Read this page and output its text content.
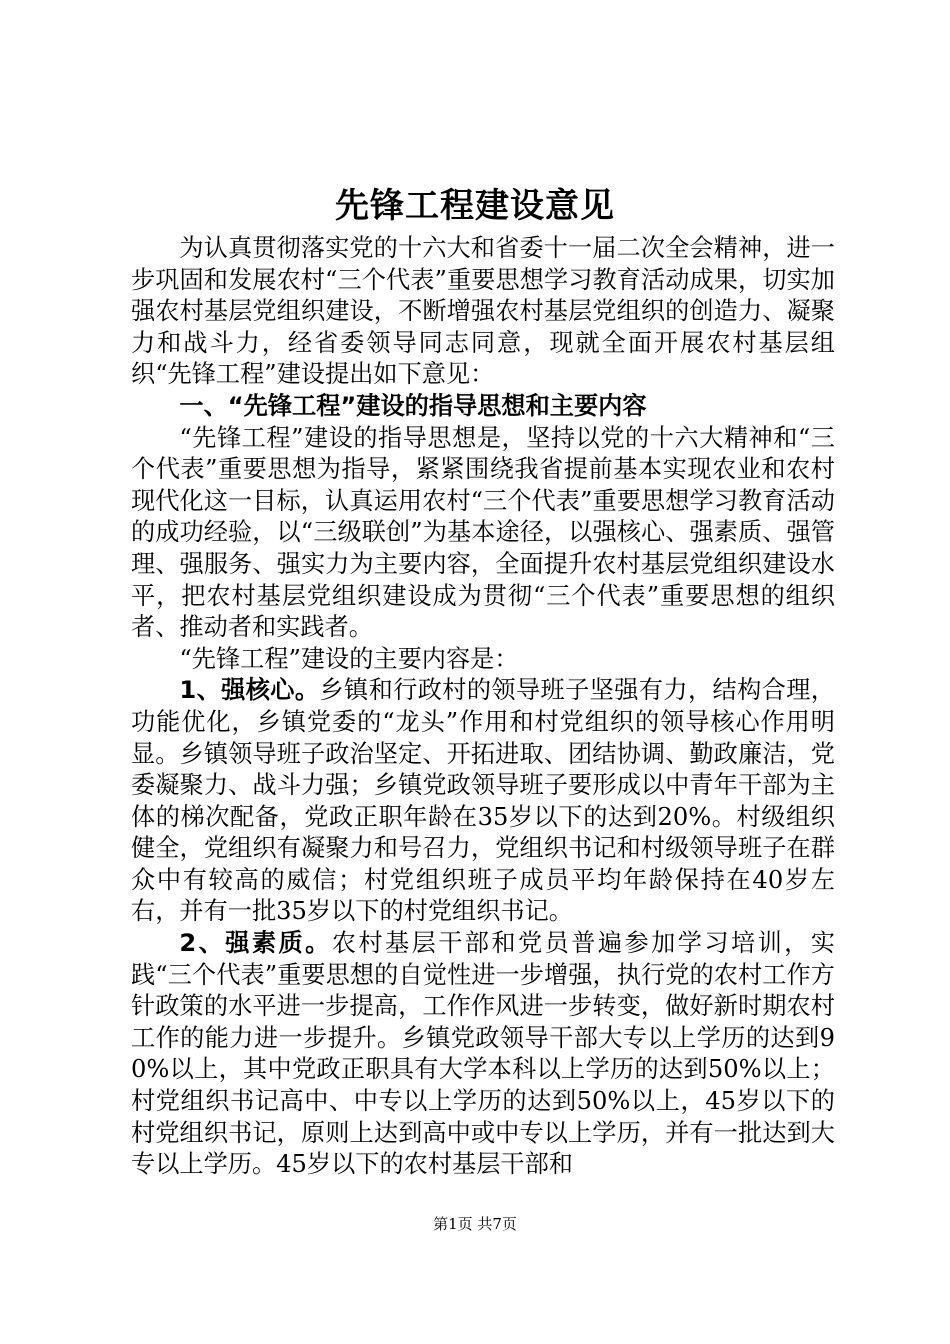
先锋工程建设意见

为认真贯彻落实党的十六大和省委十一届二次全会精神，进一步巩固和发展农村“三个代表”重要思想学习教育活动成果，切实加强农村基层党组织建设，不断增强农村基层党组织的创造力、凝聚力和战斗力，经省委领导同志同意，现就全面开展农村基层组织“先锋工程”建设提出如下意见：

一、“先锋工程”建设的指导思想和主要内容

“先锋工程”建设的指导思想是，坚持以党的十六大精神和“三个代表”重要思想为指导，紧紧围绕我省提前基本实现农业和农村现代化这一目标，认真运用农村“三个代表”重要思想学习教育活动的成功经验，以“三级联创”为基本途径，以强核心、强素质、强管理、强服务、强实力为主要内容，全面提升农村基层党组织建设水平，把农村基层党组织建设成为贯彻“三个代表”重要思想的组织者、推动者和实践者。

“先锋工程”建设的主要内容是：

1、强核心。乡镇和行政村的领导班子坚强有力，结构合理，功能优化，乡镇党委的“龙头”作用和村党组织的领导核心作用明显。乡镇领导班子政治坚定、开拓进取、团结协调、勤政廉洁，党委凝聚力、战斗力强；乡镇党政领导班子要形成以中青年干部为主体的梯次配备，党政正职年龄在35岁以下的达到20%。村级组织健全，党组织有凝聚力和号召力，党组织书记和村级领导班子在群众中有较高的威信；村党组织班子成员平均年龄保持在40岁左右，并有一批35岁以下的村党组织书记。

2、强素质。农村基层干部和党员普遍参加学习培训，实践“三个代表”重要思想的自觉性进一步增强，执行党的农村工作方针政策的水平进一步提高，工作作风进一步转变，做好新时期农村工作的能力进一步提升。乡镇党政领导干部大专以上学历的达到90%以上，其中党政正职具有大学本科以上学历的达到50%以上；村党组织书记高中、中专以上学历的达到50%以上，45岁以下的村党组织书记，原则上达到高中或中专以上学历，并有一批达到大专以上学历。45岁以下的农村基层干部和

第1页 共7页
